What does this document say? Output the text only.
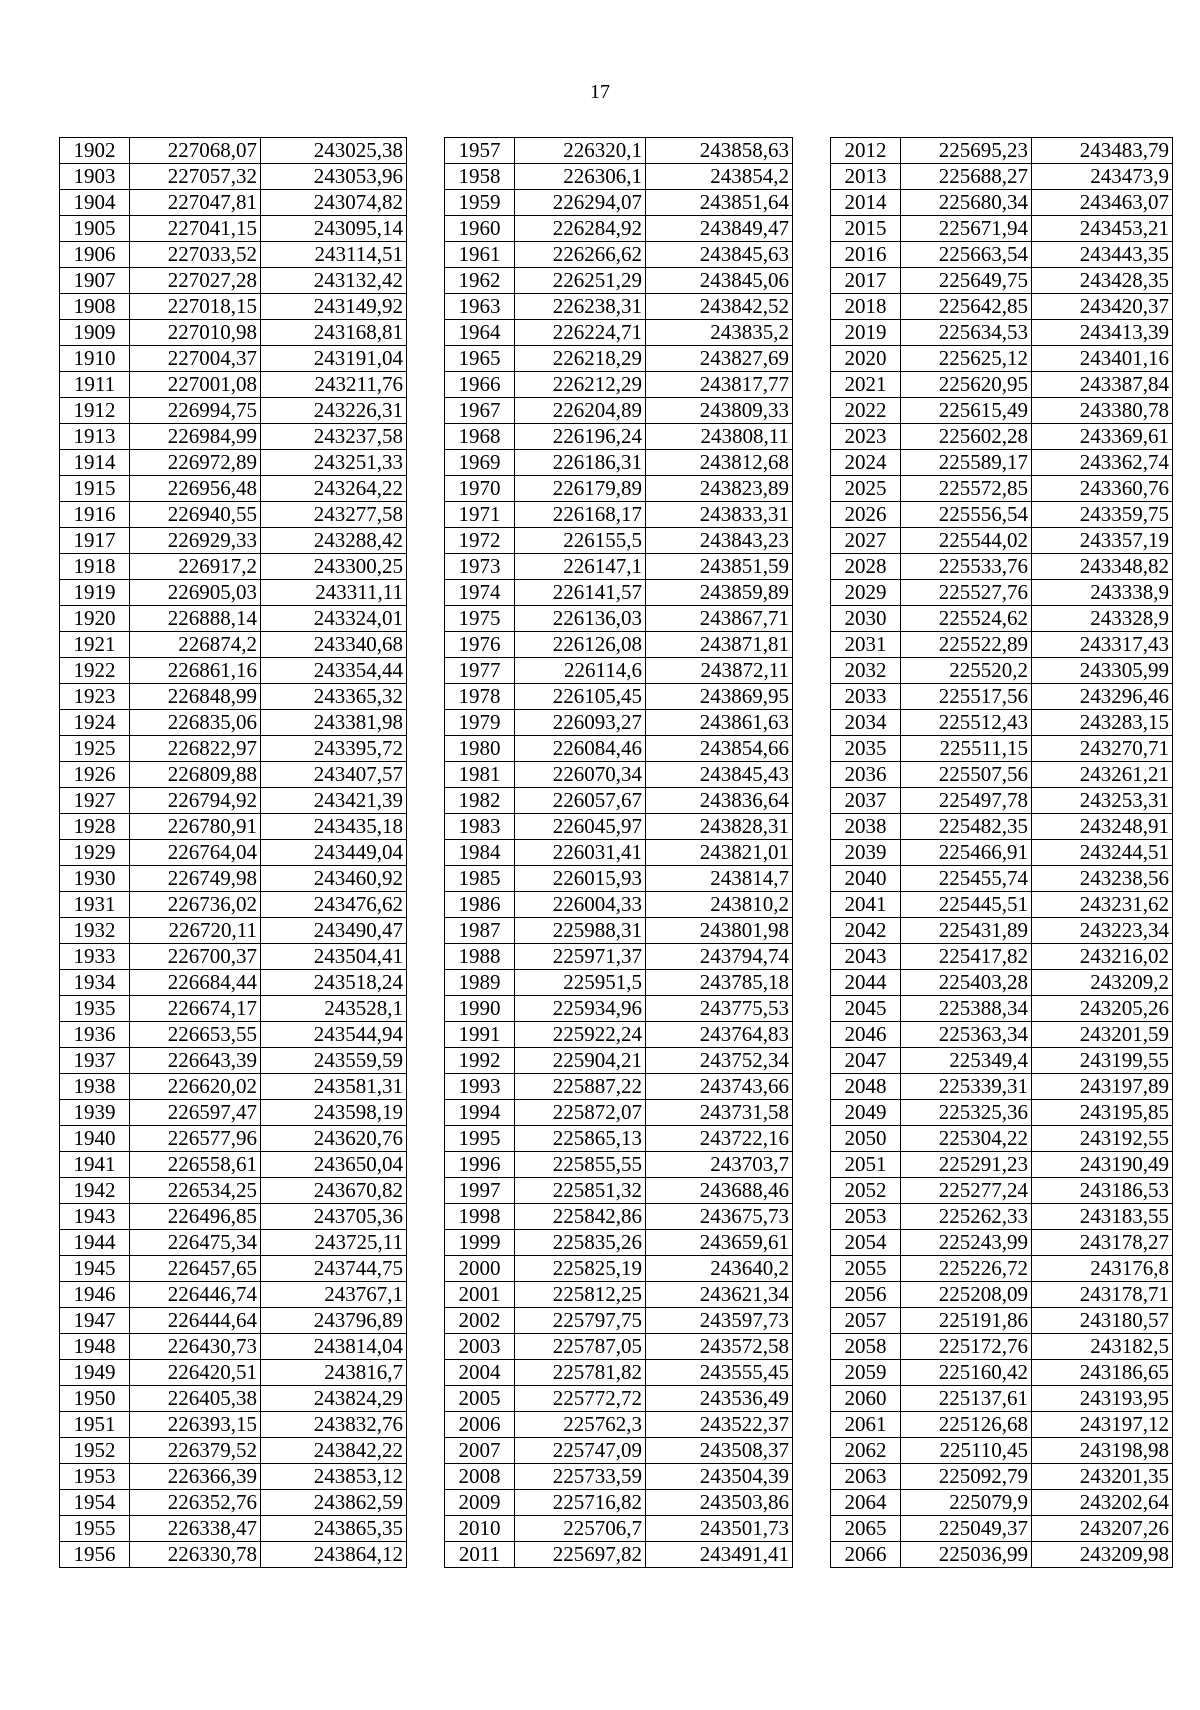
17
1902	227068,07	243025,38
1903	227057,32	243053,96
1904	227047,81	243074,82
1905	227041,15	243095,14
1906	227033,52	243114,51
1907	227027,28	243132,42
1908	227018,15	243149,92
1909	227010,98	243168,81
1910	227004,37	243191,04
1911	227001,08	243211,76
1912	226994,75	243226,31
1913	226984,99	243237,58
1914	226972,89	243251,33
1915	226956,48	243264,22
1916	226940,55	243277,58
1917	226929,33	243288,42
1918	226917,2	243300,25
1919	226905,03	243311,11
1920	226888,14	243324,01
1921	226874,2	243340,68
1922	226861,16	243354,44
1923	226848,99	243365,32
1924	226835,06	243381,98
1925	226822,97	243395,72
1926	226809,88	243407,57
1927	226794,92	243421,39
1928	226780,91	243435,18
1929	226764,04	243449,04
1930	226749,98	243460,92
1931	226736,02	243476,62
1932	226720,11	243490,47
1933	226700,37	243504,41
1934	226684,44	243518,24
1935	226674,17	243528,1
1936	226653,55	243544,94
1937	226643,39	243559,59
1938	226620,02	243581,31
1939	226597,47	243598,19
1940	226577,96	243620,76
1941	226558,61	243650,04
1942	226534,25	243670,82
1943	226496,85	243705,36
1944	226475,34	243725,11
1945	226457,65	243744,75
1946	226446,74	243767,1
1947	226444,64	243796,89
1948	226430,73	243814,04
1949	226420,51	243816,7
1950	226405,38	243824,29
1951	226393,15	243832,76
1952	226379,52	243842,22
1953	226366,39	243853,12
1954	226352,76	243862,59
1955	226338,47	243865,35
1956	226330,78	243864,12
1957	226320,1	243858,63
1958	226306,1	243854,2
1959	226294,07	243851,64
1960	226284,92	243849,47
1961	226266,62	243845,63
1962	226251,29	243845,06
1963	226238,31	243842,52
1964	226224,71	243835,2
1965	226218,29	243827,69
1966	226212,29	243817,77
1967	226204,89	243809,33
1968	226196,24	243808,11
1969	226186,31	243812,68
1970	226179,89	243823,89
1971	226168,17	243833,31
1972	226155,5	243843,23
1973	226147,1	243851,59
1974	226141,57	243859,89
1975	226136,03	243867,71
1976	226126,08	243871,81
1977	226114,6	243872,11
1978	226105,45	243869,95
1979	226093,27	243861,63
1980	226084,46	243854,66
1981	226070,34	243845,43
1982	226057,67	243836,64
1983	226045,97	243828,31
1984	226031,41	243821,01
1985	226015,93	243814,7
1986	226004,33	243810,2
1987	225988,31	243801,98
1988	225971,37	243794,74
1989	225951,5	243785,18
1990	225934,96	243775,53
1991	225922,24	243764,83
1992	225904,21	243752,34
1993	225887,22	243743,66
1994	225872,07	243731,58
1995	225865,13	243722,16
1996	225855,55	243703,7
1997	225851,32	243688,46
1998	225842,86	243675,73
1999	225835,26	243659,61
2000	225825,19	243640,2
2001	225812,25	243621,34
2002	225797,75	243597,73
2003	225787,05	243572,58
2004	225781,82	243555,45
2005	225772,72	243536,49
2006	225762,3	243522,37
2007	225747,09	243508,37
2008	225733,59	243504,39
2009	225716,82	243503,86
2010	225706,7	243501,73
2011	225697,82	243491,41
2012	225695,23	243483,79
2013	225688,27	243473,9
2014	225680,34	243463,07
2015	225671,94	243453,21
2016	225663,54	243443,35
2017	225649,75	243428,35
2018	225642,85	243420,37
2019	225634,53	243413,39
2020	225625,12	243401,16
2021	225620,95	243387,84
2022	225615,49	243380,78
2023	225602,28	243369,61
2024	225589,17	243362,74
2025	225572,85	243360,76
2026	225556,54	243359,75
2027	225544,02	243357,19
2028	225533,76	243348,82
2029	225527,76	243338,9
2030	225524,62	243328,9
2031	225522,89	243317,43
2032	225520,2	243305,99
2033	225517,56	243296,46
2034	225512,43	243283,15
2035	225511,15	243270,71
2036	225507,56	243261,21
2037	225497,78	243253,31
2038	225482,35	243248,91
2039	225466,91	243244,51
2040	225455,74	243238,56
2041	225445,51	243231,62
2042	225431,89	243223,34
2043	225417,82	243216,02
2044	225403,28	243209,2
2045	225388,34	243205,26
2046	225363,34	243201,59
2047	225349,4	243199,55
2048	225339,31	243197,89
2049	225325,36	243195,85
2050	225304,22	243192,55
2051	225291,23	243190,49
2052	225277,24	243186,53
2053	225262,33	243183,55
2054	225243,99	243178,27
2055	225226,72	243176,8
2056	225208,09	243178,71
2057	225191,86	243180,57
2058	225172,76	243182,5
2059	225160,42	243186,65
2060	225137,61	243193,95
2061	225126,68	243197,12
2062	225110,45	243198,98
2063	225092,79	243201,35
2064	225079,9	243202,64
2065	225049,37	243207,26
2066	225036,99	243209,98
